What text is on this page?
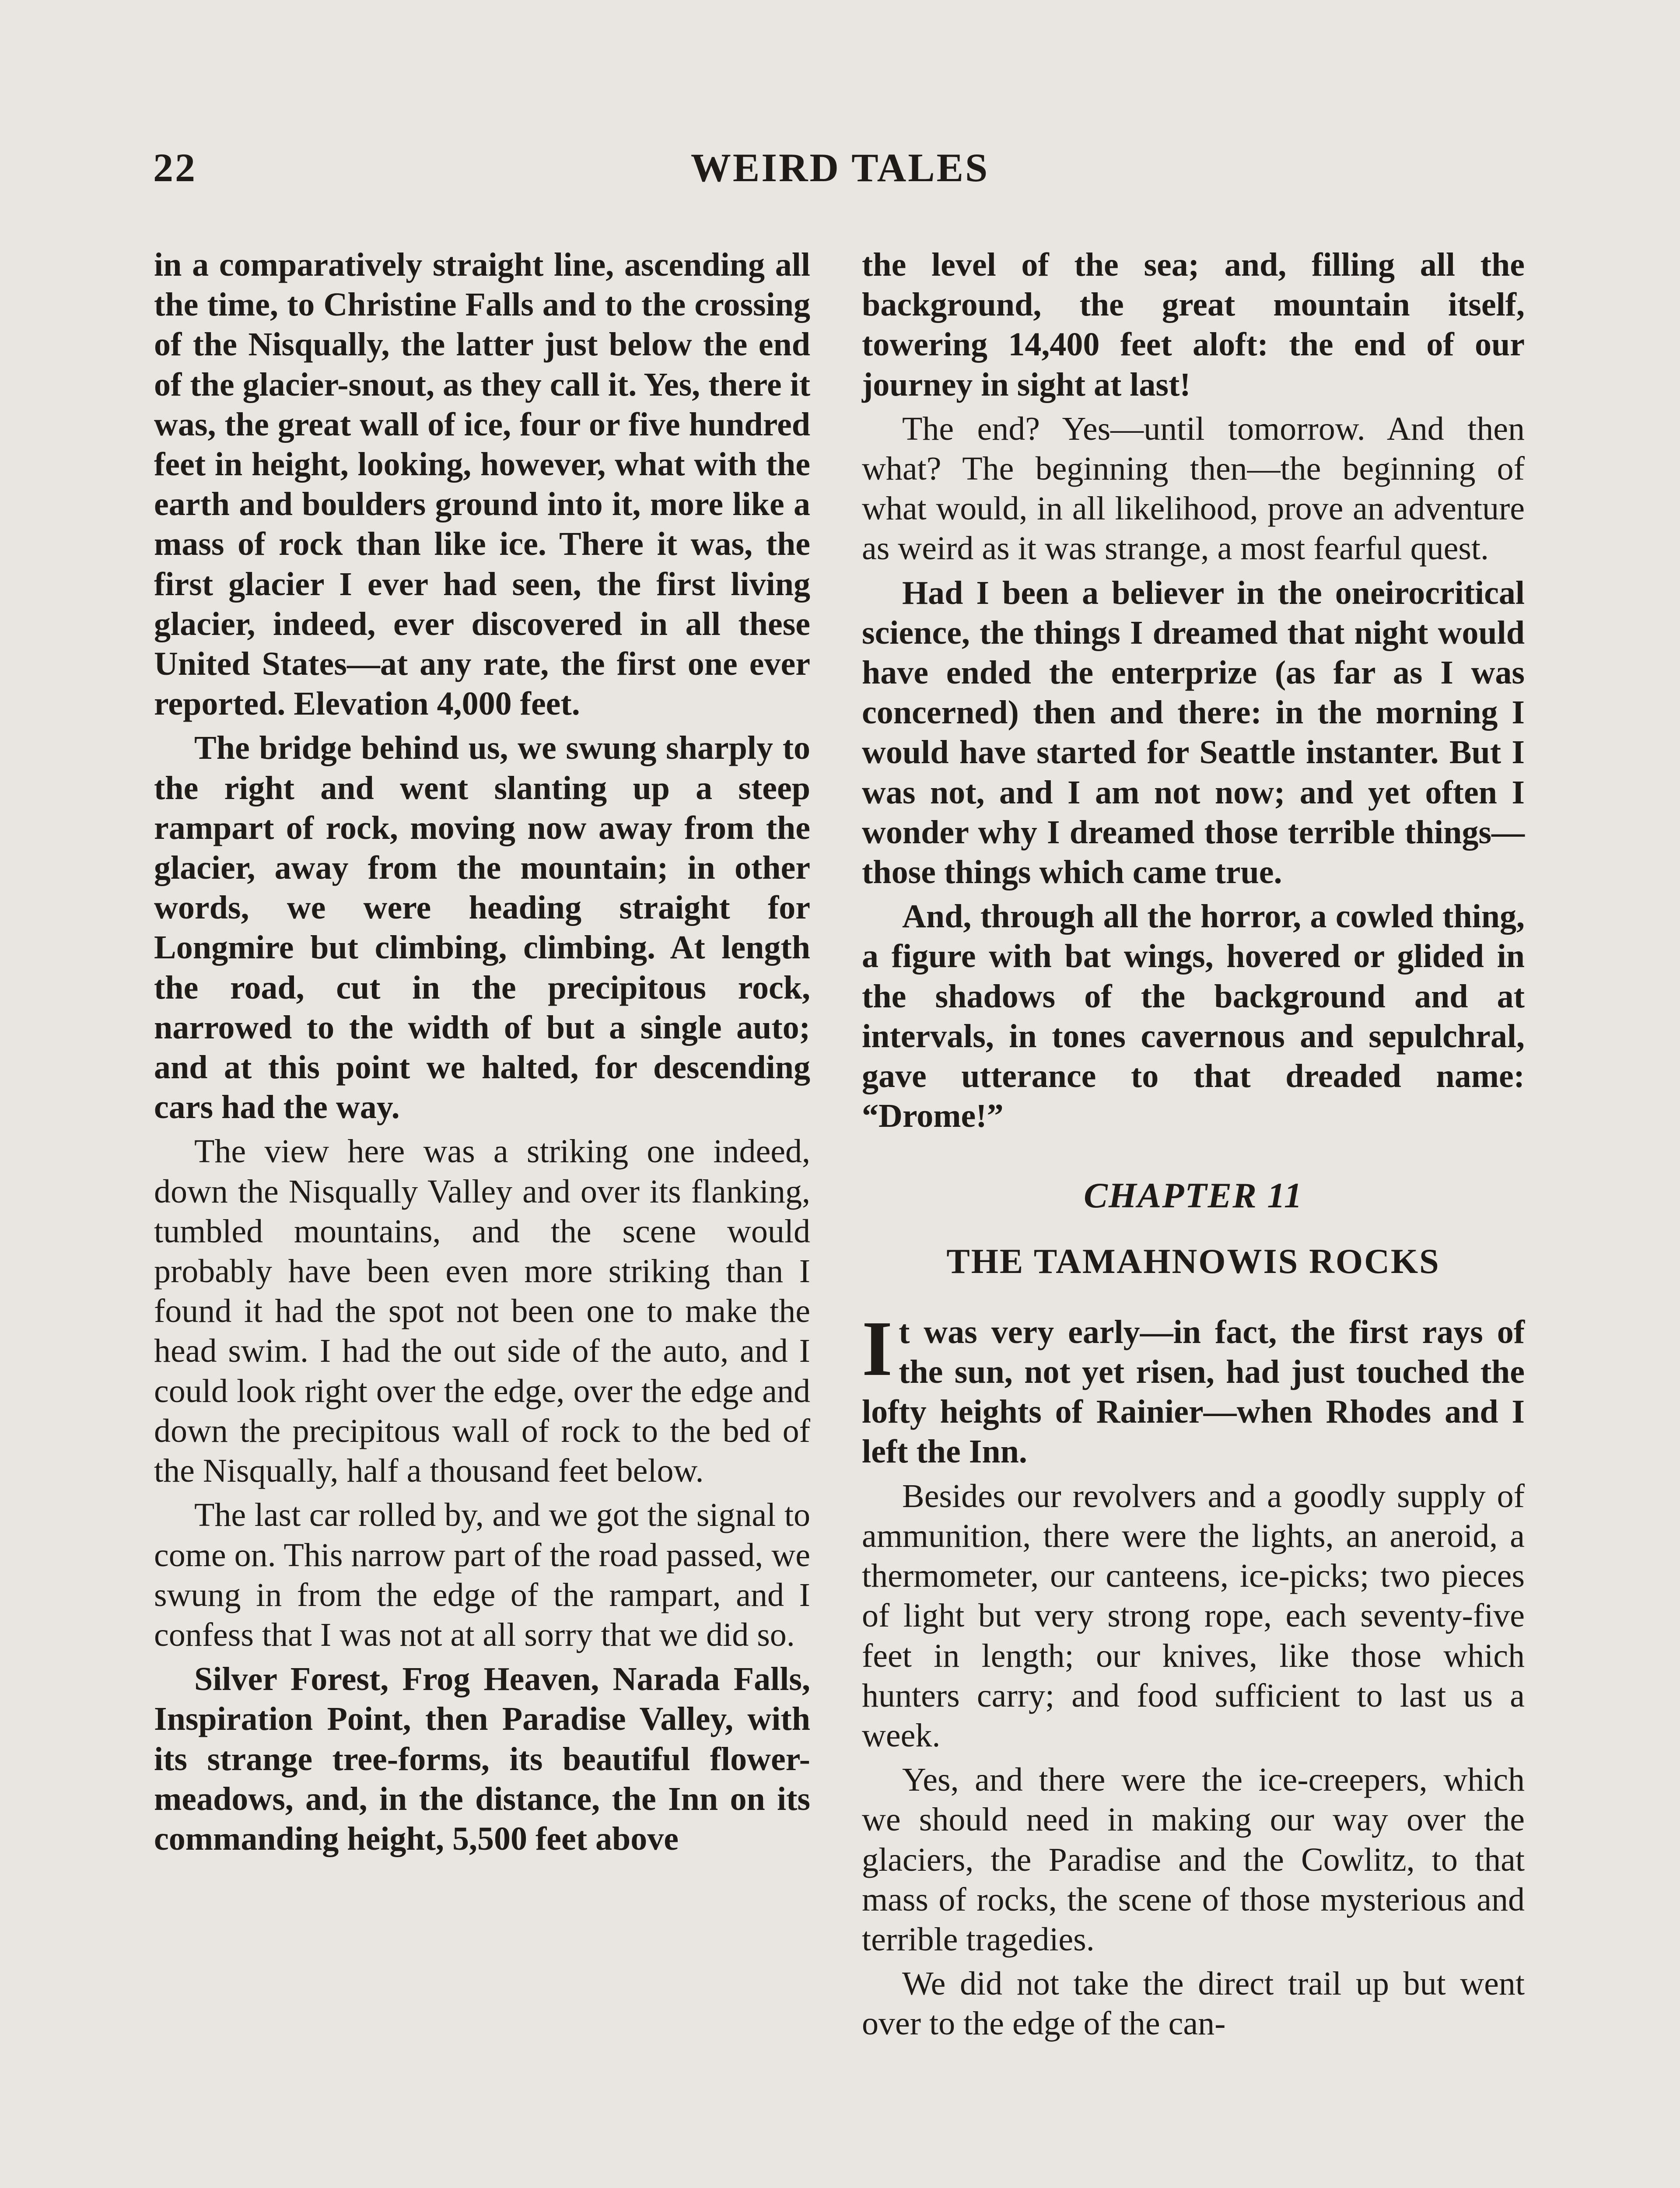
22	WEIRD TALES

in a comparatively straight line, ascending all the time, to Christine Falls and to the crossing of the Nisqually, the latter just below the end of the glacier-snout, as they call it. Yes, there it was, the great wall of ice, four or five hundred feet in height, looking, however, what with the earth and boulders ground into it, more like a mass of rock than like ice. There it was, the first glacier I ever had seen, the first living glacier, indeed, ever discovered in all these United States—at any rate, the first one ever reported. Elevation 4,000 feet.

The bridge behind us, we swung sharply to the right and went slanting up a steep rampart of rock, moving now away from the glacier, away from the mountain; in other words, we were heading straight for Longmire but climbing, climbing. At length the road, cut in the precipitous rock, narrowed to the width of but a single auto; and at this point we halted, for descending cars had the way.

The view here was a striking one indeed, down the Nisqually Valley and over its flanking, tumbled mountains, and the scene would probably have been even more striking than I found it had the spot not been one to make the head swim. I had the out side of the auto, and I could look right over the edge, over the edge and down the precipitous wall of rock to the bed of the Nisqually, half a thousand feet below.

The last car rolled by, and we got the signal to come on. This narrow part of the road passed, we swung in from the edge of the rampart, and I confess that I was not at all sorry that we did so.

Silver Forest, Frog Heaven, Narada Falls, Inspiration Point, then Paradise Valley, with its strange tree-forms, its beautiful flower-meadows, and, in the distance, the Inn on its commanding height, 5,500 feet above

the level of the sea; and, filling all the background, the great mountain itself, towering 14,400 feet aloft: the end of our journey in sight at last!

The end? Yes—until tomorrow. And then what? The beginning then—the beginning of what would, in all likelihood, prove an adventure as weird as it was strange, a most fearful quest.

Had I been a believer in the oneirocritical science, the things I dreamed that night would have ended the enterprize (as far as I was concerned) then and there: in the morning I would have started for Seattle instanter. But I was not, and I am not now; and yet often I wonder why I dreamed those terrible things—those things which came true.

And, through all the horror, a cowled thing, a figure with bat wings, hovered or glided in the shadows of the background and at intervals, in tones cavernous and sepulchral, gave utterance to that dreaded name: “Drome!”

CHAPTER 11
THE TAMAHNOWIS ROCKS

It was very early—in fact, the first rays of the sun, not yet risen, had just touched the lofty heights of Rainier—when Rhodes and I left the Inn.

Besides our revolvers and a goodly supply of ammunition, there were the lights, an aneroid, a thermometer, our canteens, ice-picks; two pieces of light but very strong rope, each seventy-five feet in length; our knives, like those which hunters carry; and food sufficient to last us a week.

Yes, and there were the ice-creepers, which we should need in making our way over the glaciers, the Paradise and the Cowlitz, to that mass of rocks, the scene of those mysterious and terrible tragedies.

We did not take the direct trail up but went over to the edge of the can-
